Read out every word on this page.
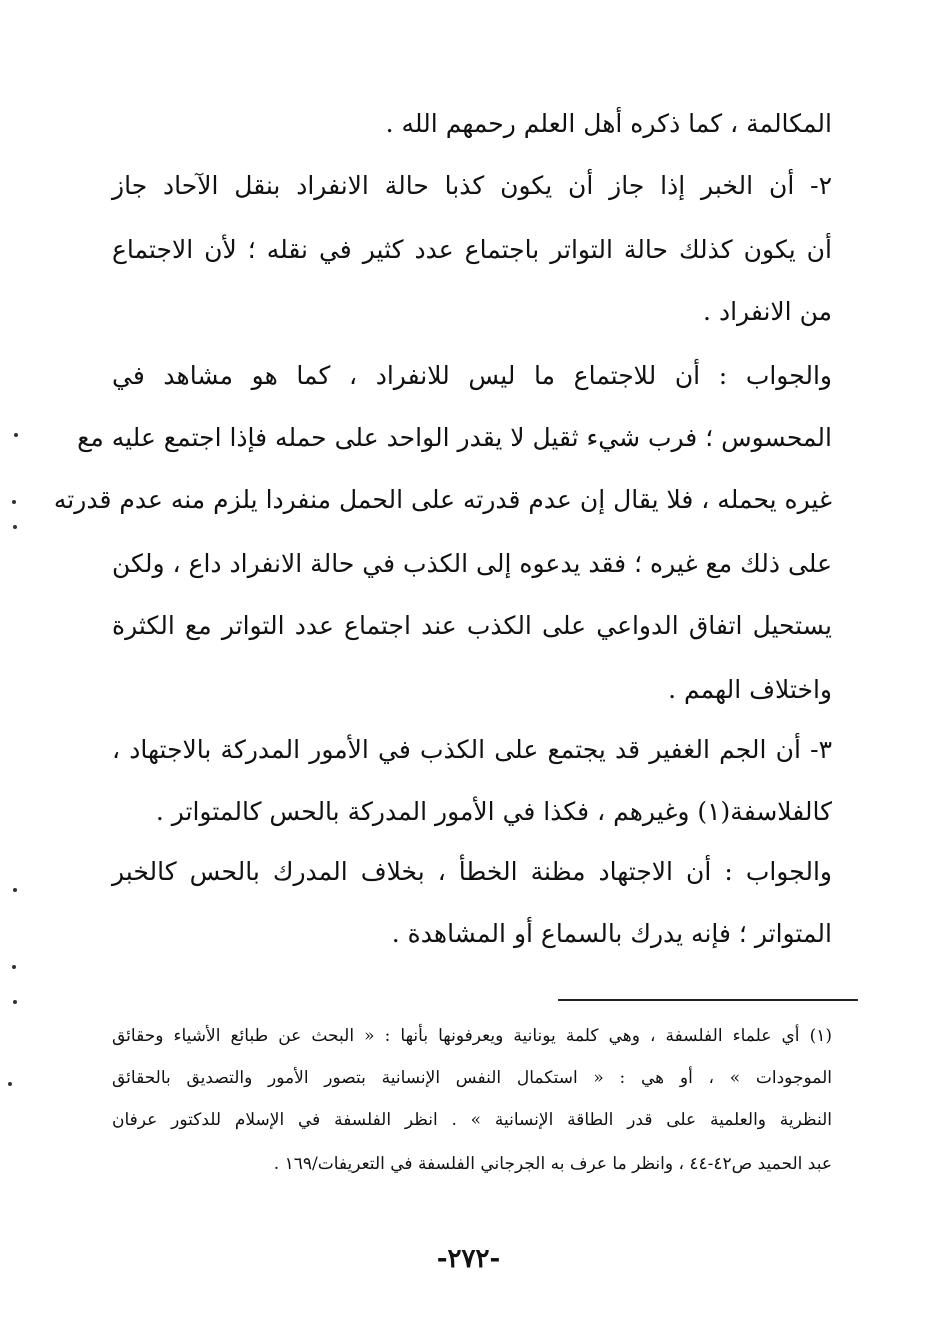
المكالمة ، كما ذكره أهل العلم رحمهم الله .
٢- أن الخبر إذا جاز أن يكون كذبا حالة الانفراد بنقل الآحاد جاز
أن يكون كذلك حالة التواتر باجتماع عدد كثير في نقله ؛ لأن الاجتماع
من الانفراد .
والجواب : أن للاجتماع ما ليس للانفراد ، كما هو مشاهد في
المحسوس ؛ فرب شيء ثقيل لا يقدر الواحد على حمله فإذا اجتمع عليه مع
غيره يحمله ، فلا يقال إن عدم قدرته على الحمل منفردا يلزم منه عدم قدرته
على ذلك مع غيره ؛ فقد يدعوه إلى الكذب في حالة الانفراد داع ، ولكن
يستحيل اتفاق الدواعي على الكذب عند اجتماع عدد التواتر مع الكثرة
واختلاف الهمم .
٣- أن الجم الغفير قد يجتمع على الكذب في الأمور المدركة بالاجتهاد ،
كالفلاسفة(١) وغيرهم ، فكذا في الأمور المدركة بالحس كالمتواتر .
والجواب : أن الاجتهاد مظنة الخطأ ، بخلاف المدرك بالحس كالخبر
المتواتر ؛ فإنه يدرك بالسماع أو المشاهدة .
(١) أي علماء الفلسفة ، وهي كلمة يونانية ويعرفونها بأنها : « البحث عن طبائع الأشياء وحقائق
الموجودات » ، أو هي : « استكمال النفس الإنسانية بتصور الأمور والتصديق بالحقائق
النظرية والعلمية على قدر الطاقة الإنسانية » . انظر الفلسفة في الإسلام للدكتور عرفان
عبد الحميد ص٤٢-٤٤ ، وانظر ما عرف به الجرجاني الفلسفة في التعريفات/١٦٩ .
-٢٧٢-
